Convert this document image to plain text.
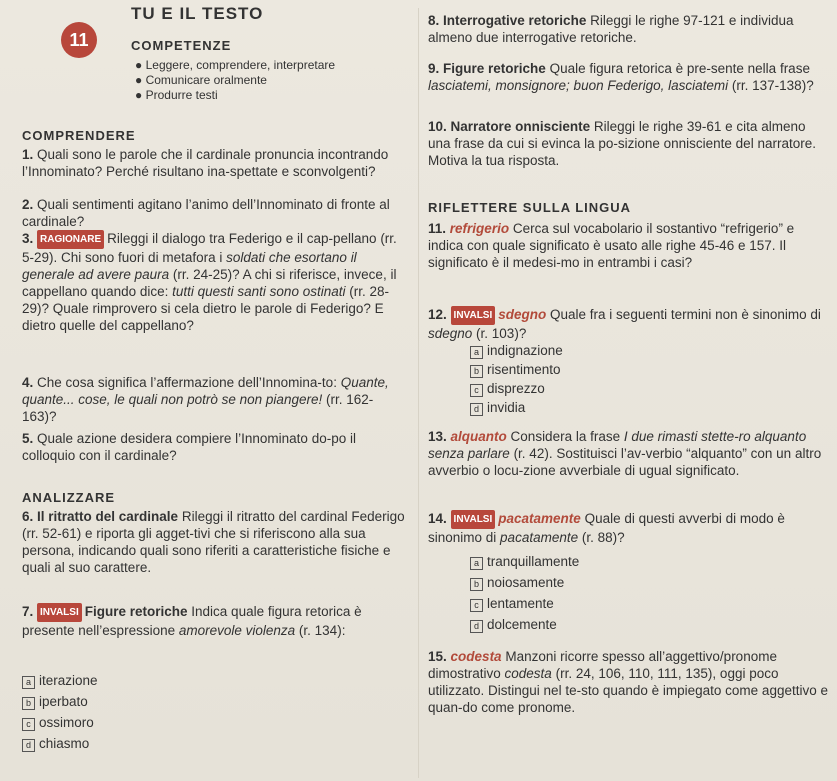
11
TU E IL TESTO
COMPETENZE
● Leggere, comprendere, interpretare
● Comunicare oralmente
● Produrre testi
COMPRENDERE
1. Quali sono le parole che il cardinale pronuncia incontrando l’Innominato? Perché risultano ina-spettate e sconvolgenti?
2. Quali sentimenti agitano l’animo dell’Innominato di fronte al cardinale?
3. RAGIONARE Rileggi il dialogo tra Federigo e il cap-pellano (rr. 5-29). Chi sono fuori di metafora i soldati che esortano il generale ad avere paura (rr. 24-25)? A chi si riferisce, invece, il cappellano quando dice: tutti questi santi sono ostinati (rr. 28-29)? Quale rimprovero si cela dietro le parole di Federigo? E dietro quelle del cappellano?
4. Che cosa significa l’affermazione dell’Innomina-to: Quante, quante... cose, le quali non potrò se non piangere! (rr. 162-163)?
5. Quale azione desidera compiere l’Innominato do-po il colloquio con il cardinale?
ANALIZZARE
6. Il ritratto del cardinale Rileggi il ritratto del cardinal Federigo (rr. 52-61) e riporta gli agget-tivi che si riferiscono alla sua persona, indicando quali sono riferiti a caratteristiche fisiche e quali al suo carattere.
7. INVALSI Figure retoriche Indica quale figura retorica è presente nell’espressione amorevole violenza (r. 134):
a iterazione
b iperbato
c ossimoro
d chiasmo
8. Interrogative retoriche Rileggi le righe 97-121 e individua almeno due interrogative retoriche.
9. Figure retoriche Quale figura retorica è pre-sente nella frase lasciatemi, monsignore; buon Federigo, lasciatemi (rr. 137-138)?
10. Narratore onnisciente Rileggi le righe 39-61 e cita almeno una frase da cui si evinca la po-sizione onnisciente del narratore. Motiva la tua risposta.
RIFLETTERE SULLA LINGUA
11. refrigerio Cerca sul vocabolario il sostantivo “refrigerio” e indica con quale significato è usato alle righe 45-46 e 157. Il significato è il medesi-mo in entrambi i casi?
12. INVALSI sdegno Quale fra i seguenti termini non è sinonimo di sdegno (r. 103)?
a indignazione
b risentimento
c disprezzo
d invidia
13. alquanto Considera la frase I due rimasti stette-ro alquanto senza parlare (r. 42). Sostituisci l’av-verbio “alquanto” con un altro avverbio o locu-zione avverbiale di ugual significato.
14. INVALSI pacatamente Quale di questi avverbi di modo è sinonimo di pacatamente (r. 88)?
a tranquillamente
b noiosamente
c lentamente
d dolcemente
15. codesta Manzoni ricorre spesso all’aggettivo/pronome dimostrativo codesta (rr. 24, 106, 110, 111, 135), oggi poco utilizzato. Distingui nel te-sto quando è impiegato come aggettivo e quan-do come pronome.
